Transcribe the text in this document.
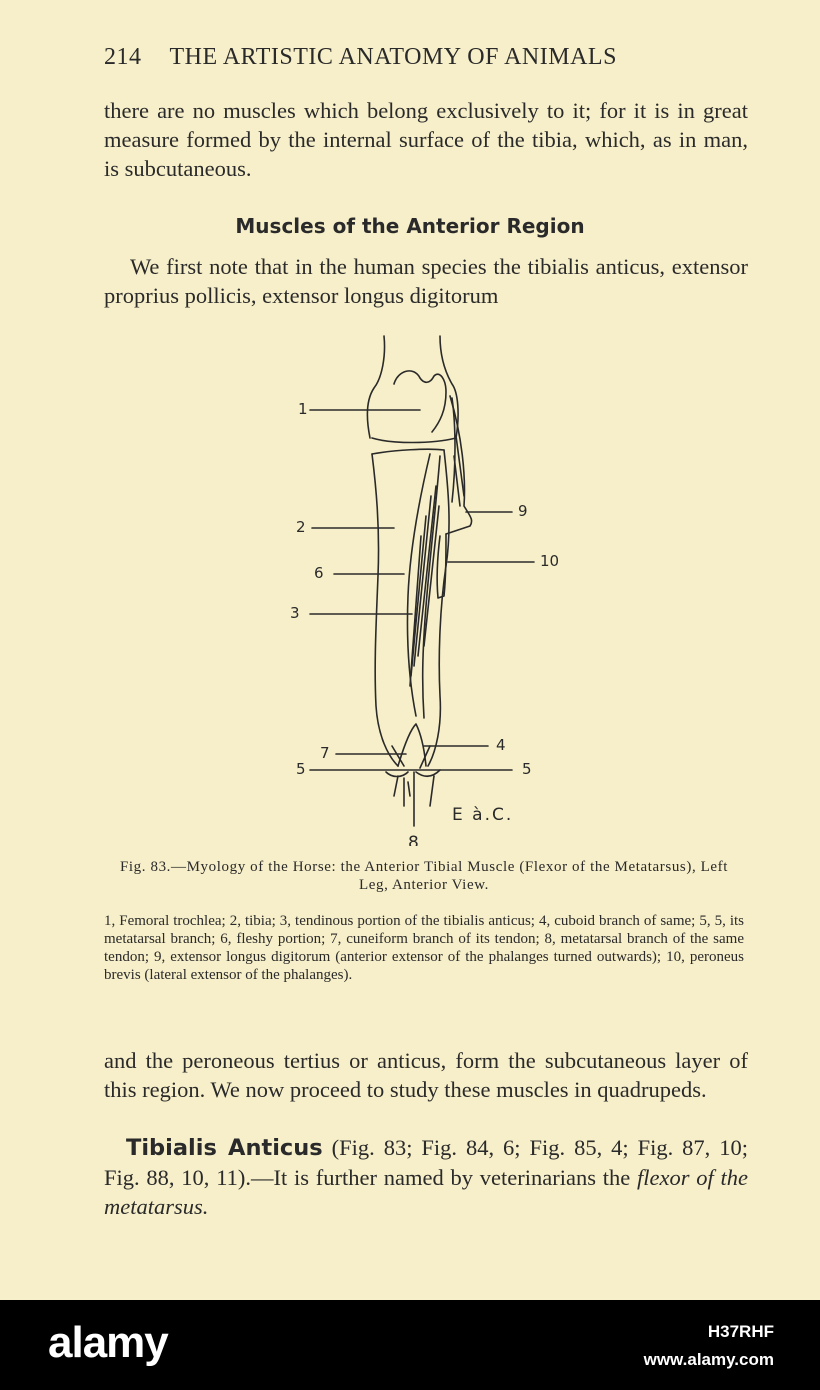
214 THE ARTISTIC ANATOMY OF ANIMALS

there are no muscles which belong exclusively to it; for it is in great measure formed by the internal surface of the tibia, which, as in man, is subcutaneous.

Muscles of the Anterior Region

We first note that in the human species the tibialis anticus, extensor proprius pollicis, extensor longus digitorum

1
2
6
3
9
10
7	4
5	5
8
E à.C.
Fig. 83.—Myology of the Horse: the Anterior Tibial Muscle (Flexor of the Metatarsus), Left Leg, Anterior View.

1, Femoral trochlea; 2, tibia; 3, tendinous portion of the tibialis anticus; 4, cuboid branch of same; 5, 5, its metatarsal branch; 6, fleshy portion; 7, cuneiform branch of its tendon; 8, metatarsal branch of the same tendon; 9, extensor longus digitorum (anterior extensor of the phalanges turned outwards); 10, peroneus brevis (lateral extensor of the phalanges).

and the peroneous tertius or anticus, form the subcutaneous layer of this region. We now proceed to study these muscles in quadrupeds.

Tibialis Anticus (Fig. 83; Fig. 84, 6; Fig. 85, 4; Fig. 87, 10; Fig. 88, 10, 11).—It is further named by veterinarians the flexor of the metatarsus.

alamy	H37RHF
www.alamy.com
